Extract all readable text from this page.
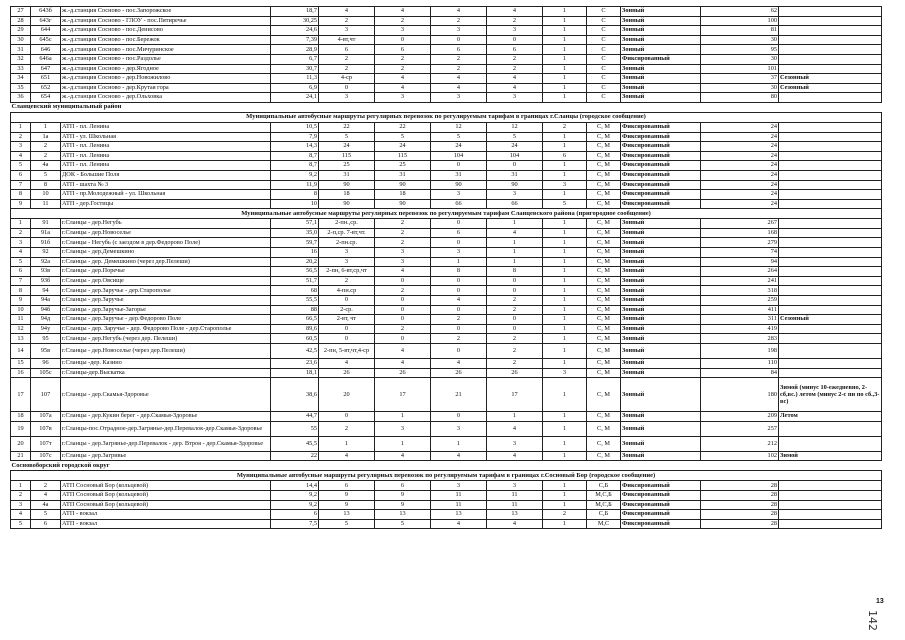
27	643б	ж.-д.станция Сосново - пос.Запорожское	18,7	4	4	4	4	1	С	Зонный	62	
28	643г	ж.-д.станция Сосново - ГЛОУ - пос.Пятиречье	30,25	2	2	2	2	1	С	Зонный	100	
29	644	ж.-д.станция Сосново - пос.Денисово	24,6	3	3	3	3	1	С	Зонный	81	
30	645с	ж.-д.станция Сосново - пос.Бережок	7,39	4-вт,чт	0	0	0	1	С	Зонный	30	
31	646	ж.-д.станция Сосново - пос.Мичуринское	28,9	6	6	6	6	1	С	Зонный	95	
32	646а	ж.-д.станция Сосново - пос.Раздолье	6,7	2	2	2	2	1	С	Фиксированный	30	
33	647	ж.-д.станция Сосново - дер.Ягодное	30,7	2	2	2	2	1	С	Зонный	101	
34	651	ж.-д.станция Сосново - дер.Новожилово	11,3	4-ср	4	4	4	1	С	Зонный	37	Сезонный
35	652	ж.-д.станция Сосново - дер.Крутая гора	6,9	0	4	4	4	1	С	Зонный	30	Сезонный
36	654	ж.-д.станция Сосново - дер.Ольховка	24,1	3	3	3	3	1	С	Зонный	80	
Сланцевский муниципальный район												
Муниципальные автобусные маршруты регулярных перевозок по регулируемым тарифам в границах г.Сланцы (городское сообщение)												
1	1	АТП - пл. Ленина	10,5	22	22	12	12	2	С, М	Фиксированный	24	
2	1а	АТП - ул. Школьная	7,9	5	5	5	5	1	С, М	Фиксированный	24	
3	2	АТП - пл. Ленина	14,3	24	24	24	24	1	С, М	Фиксированный	24	
4	2	АТП - пл. Ленина	8,7	115	115	104	104	6	С, М	Фиксированный	24	
5	4а	АТП - пл. Ленина	8,7	25	25	0	0	1	С, М	Фиксированный	24	
6	5	ДОК - Большие Поля	9,2	31	31	31	31	1	С, М	Фиксированный	24	
7	8	АТП - шахта № 3	11,9	90	90	90	90	3	С, М	Фиксированный	24	
8	10	АТП - пр.Молодежный - ул. Школьная	8	18	18	3	3	1	С, М	Фиксированный	24	
9	11	АТП - дер.Гостицы	10	90	90	66	66	5	С, М	Фиксированный	24	
Муниципальные автобусные маршруты регулярных перевозок по регулируемым тарифам Сланцевского района (пригородное сообщение)												
1	91	г.Сланцы - дер.Негубь	57,1	2-пн.,ср.	2	0	1	1	С, М	Зонный	267	
2	91а	г.Сланцы - дер.Новоселье	35,0	2-п,ср. 7-вт,чт.	2	6	4	1	С, М	Зонный	168	
3	91б	г.Сланцы - Негубь (с заездом в дер.Федорово Поле)	59,7	2-пн.ср.	2	0	1	1	С, М	Зонный	279	
4	92	г.Сланцы - дер.Демешкино	16	3	3	3	1	1	С, М	Зонный	74	
5	92а	г.Сланцы - дер. Демешкино (через дер.Пелеши)	20,2	3	3	1	1	1	С, М	Зонный	94	
6	93в	г.Сланцы - дер.Поречье	56,5	2-пн, 6-вт,ср,чт	4	8	8	1	С, М	Зонный	264	
7	93б	г.Сланцы - дер.Овсище	51,7	2	0	0	0	1	С, М	Зонный	241	
8	94	г.Сланцы - дер.Заручье - дер.Старопольe	68	4-пн.ср	2	0	0	1	С, М	Зонный	318	
9	94а	г.Сланцы - дер.Заручье	55,5	0	0	4	2	1	С, М	Зонный	259	
10	94б	г.Сланцы - дер.Заручье-Загорье	88	2-ср.	0	0	2	1	С, М	Зонный	411	
11	94д	г.Сланцы - дер.Заручье - дер.Федорово Поле	66,5	2-вт, чт	0	2	0	1	С, М	Зонный	311	Сезонный
12	94у	г.Сланцы - дер. Заручье - дер. Федорово Поле - дер.Старополье	89,6	0	2	0	0	1	С, М	Зонный	419	
13	95	г.Сланцы - дер.Негубь (через дер. Пелеши)	60,5	0	0	2	2	1	С, М	Зонный	283	
14	95в	г.Сланцы - дер.Новоселье (через дер.Пелеши)	42,5	2-пн, 5-вт,чт,4-ср	4	0	2	1	С, М	Зонный	198	
15	96	г.Сланцы -дер. Казино	23,6	4	4	4	2	1	С, М	Зонный	110	
16	105с	г.Сланцы-дер.Выскатка	18,1	26	26	26	26	3	С, М	Зонный	84	
17	107	г.Сланцы - дер.Скамья-Здоровье	38,6	20	17	21	17	1	С, М	Зонный	180	Зимой (минус 10-ежедневно, 2-сб,вс.) летом (минус 2-с пн по сб.,3- вс)
18	107а	г.Сланцы - дер.Кукин берег - дер.Скамья-Здоровье	44,7	0	1	0	1	1	С, М	Зонный	209	Летом
19	107в	г.Сланцы-пос.Отрадное-дер.Загрянье-дер.Перевалок-дер.Скамья-Здоровье	55	2	3	3	4	1	С, М	Зонный	257	
20	107т	г.Сланцы - дер.Загрянье-дер.Перевалок - дер. Втроя - дер.Скамья-Здоровье	45,5	1	1	1	3	1	С, М	Зонный	212	
21	107с	г.Сланцы - дер.Загривье	22	4	4	4	4	1	С, М	Зонный	102	Зимой
Сосновоборский городской округ												
Муниципальные автобусные маршруты регулярных перевозок по регулируемым тарифам в границах г.Сосновый Бор (городское сообщение)												
1	2	АТП Сосновый Бор (кольцевой)	14,4	6	6	3	3	1	С,Б	Фиксированный	28	
2	4	АТП Сосновый Бор (кольцевой)	9,2	9	9	11	11	1	М,С,Б	Фиксированный	28	
3	4а	АТП Сосновый Бор (кольцевой)	9,2	9	9	11	11	1	М,С,Б	Фиксированный	28	
4	5	АТП - вокзал	6	13	13	13	13	2	С,Б	Фиксированный	28	
5	6	АТП - вокзал	7,5	5	5	4	4	1	М,С	Фиксированный	28	
13
142
